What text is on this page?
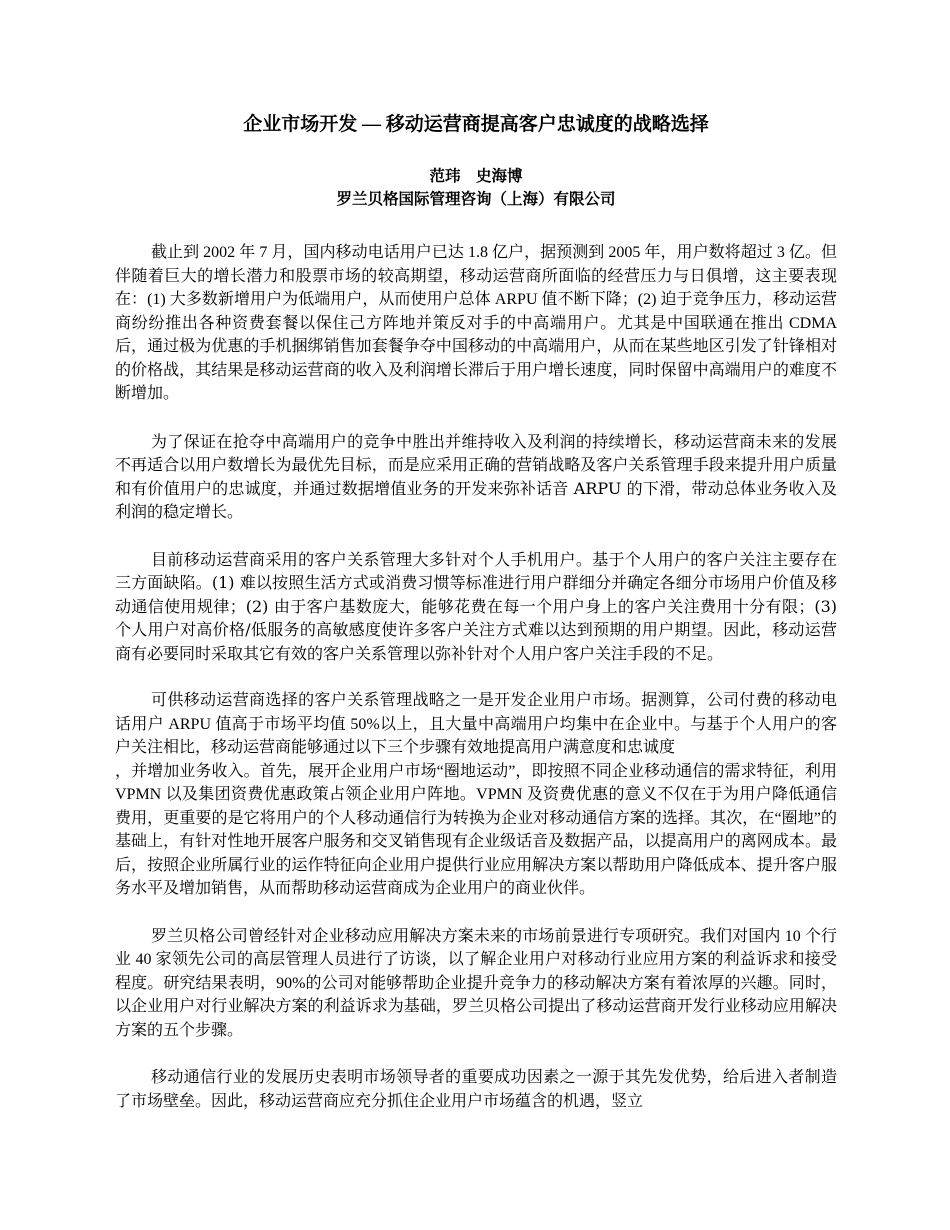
企业市场开发 — 移动运营商提高客户忠诚度的战略选择

范玮　史海博

罗兰贝格国际管理咨询（上海）有限公司

截止到 2002 年 7 月，国内移动电话用户已达 1.8 亿户，据预测到 2005 年，用户数将超过 3 亿。但伴随着巨大的增长潜力和股票市场的较高期望，移动运营商所面临的经营压力与日俱增，这主要表现在：(1) 大多数新增用户为低端用户，从而使用户总体 ARPU 值不断下降；(2) 迫于竞争压力，移动运营商纷纷推出各种资费套餐以保住己方阵地并策反对手的中高端用户。尤其是中国联通在推出 CDMA 后，通过极为优惠的手机捆绑销售加套餐争夺中国移动的中高端用户，从而在某些地区引发了针锋相对的价格战，其结果是移动运营商的收入及利润增长滞后于用户增长速度，同时保留中高端用户的难度不断增加。

为了保证在抢夺中高端用户的竞争中胜出并维持收入及利润的持续增长，移动运营商未来的发展不再适合以用户数增长为最优先目标，而是应采用正确的营销战略及客户关系管理手段来提升用户质量和有价值用户的忠诚度，并通过数据增值业务的开发来弥补话音 ARPU 的下滑，带动总体业务收入及利润的稳定增长。

目前移动运营商采用的客户关系管理大多针对个人手机用户。基于个人用户的客户关注主要存在三方面缺陷。(1) 难以按照生活方式或消费习惯等标准进行用户群细分并确定各细分市场用户价值及移动通信使用规律；(2) 由于客户基数庞大，能够花费在每一个用户身上的客户关注费用十分有限；(3) 个人用户对高价格/低服务的高敏感度使许多客户关注方式难以达到预期的用户期望。因此，移动运营商有必要同时采取其它有效的客户关系管理以弥补针对个人用户客户关注手段的不足。

可供移动运营商选择的客户关系管理战略之一是开发企业用户市场。据测算，公司付费的移动电话用户 ARPU 值高于市场平均值 50%以上，且大量中高端用户均集中在企业中。与基于个人用户的客户关注相比，移动运营商能够通过以下三个步骤有效地提高用户满意度和忠诚度

，并增加业务收入。首先，展开企业用户市场“圈地运动”，即按照不同企业移动通信的需求特征，利用 VPMN 以及集团资费优惠政策占领企业用户阵地。VPMN 及资费优惠的意义不仅在于为用户降低通信费用，更重要的是它将用户的个人移动通信行为转换为企业对移动通信方案的选择。其次，在“圈地”的基础上，有针对性地开展客户服务和交叉销售现有企业级话音及数据产品，以提高用户的离网成本。最后，按照企业所属行业的运作特征向企业用户提供行业应用解决方案以帮助用户降低成本、提升客户服务水平及增加销售，从而帮助移动运营商成为企业用户的商业伙伴。

罗兰贝格公司曾经针对企业移动应用解决方案未来的市场前景进行专项研究。我们对国内 10 个行业 40 家领先公司的高层管理人员进行了访谈，以了解企业用户对移动行业应用方案的利益诉求和接受程度。研究结果表明，90%的公司对能够帮助企业提升竞争力的移动解决方案有着浓厚的兴趣。同时，以企业用户对行业解决方案的利益诉求为基础，罗兰贝格公司提出了移动运营商开发行业移动应用解决方案的五个步骤。

移动通信行业的发展历史表明市场领导者的重要成功因素之一源于其先发优势，给后进入者制造了市场壁垒。因此，移动运营商应充分抓住企业用户市场蕴含的机遇，竖立
